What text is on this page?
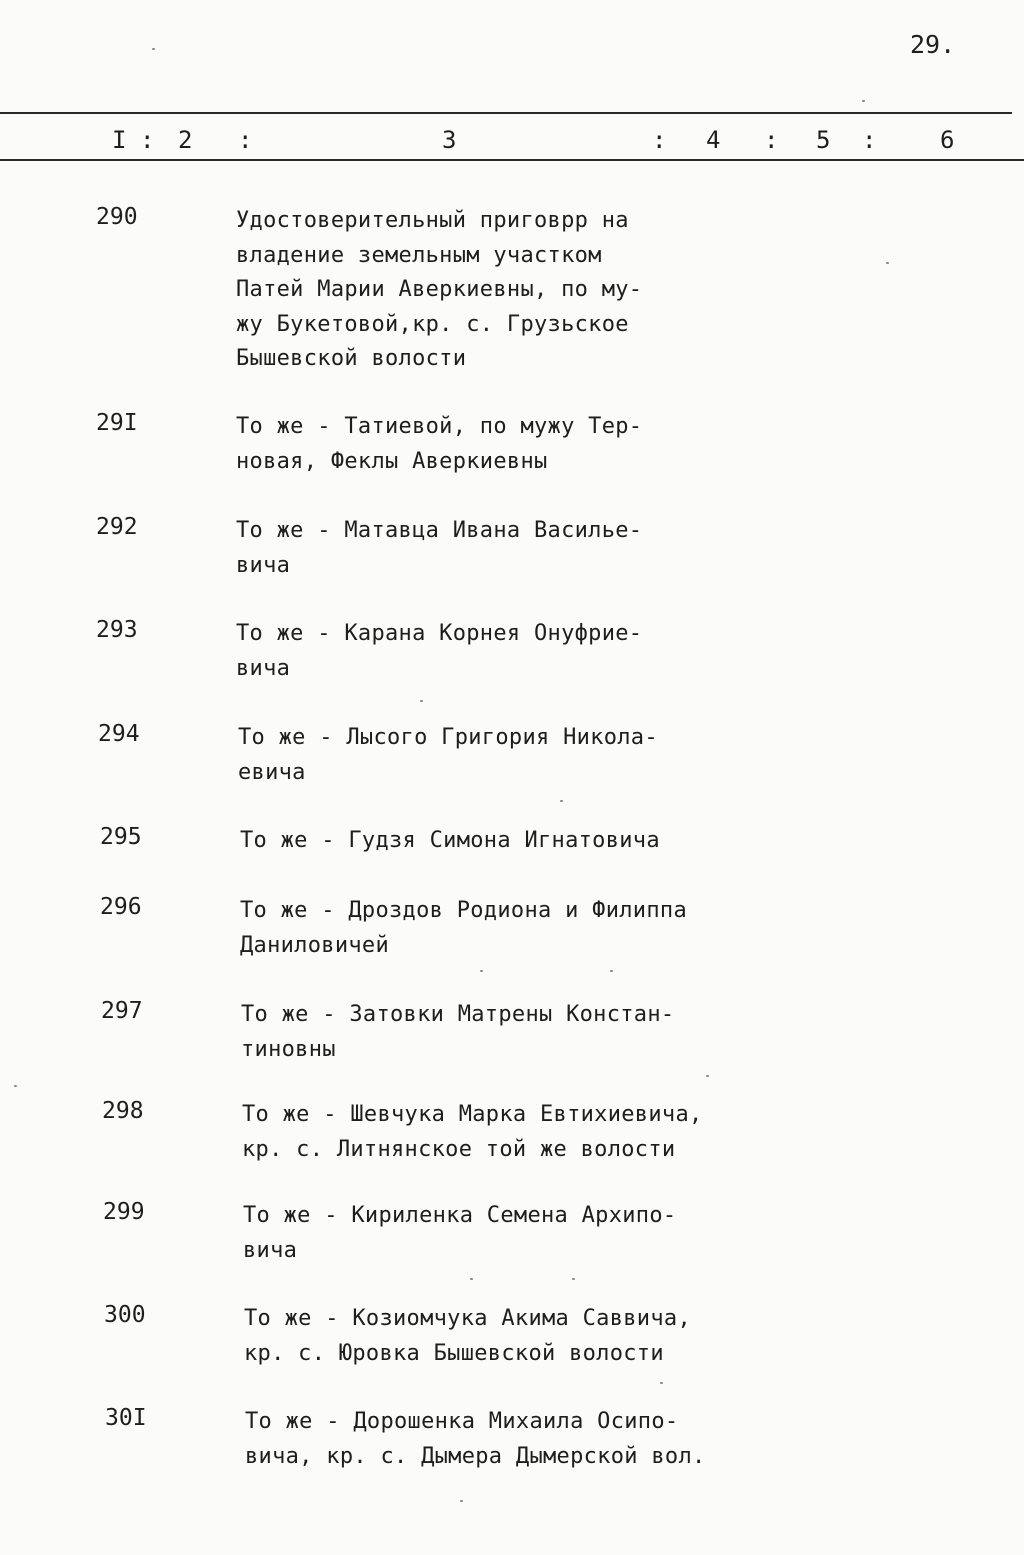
29.
I : 2 :	3	: 4 : 5 :	6
290	Удостоверительный приговрр на
владение земельным участком
Патей Марии Аверкиевны, по му-
жу Букетовой,кр. с. Грузьское
Бышевской волости
29I	То же - Татиевой, по мужу Тер-
новая, Феклы Аверкиевны
292	То же - Матавца Ивана Василье-
вича
293	То же - Карана Корнея Онуфрие-
вича
294	То же - Лысого Григория Никола-
евича
295	То же - Гудзя Симона Игнатовича
296	То же - Дроздов Родиона и Филиппа
Даниловичей
297	То же - Затовки Матрены Констан-
тиновны
298	То же - Шевчука Марка Евтихиевича,
кр. с. Литнянское той же волости
299	То же - Кириленка Семена Архипо-
вича
300	То же - Козиомчука Акима Саввича,
кр. с. Юровка Бышевской волости
30I	То же - Дорошенка Михаила Осипо-
вича, кр. с. Дымера Дымерской вол.
